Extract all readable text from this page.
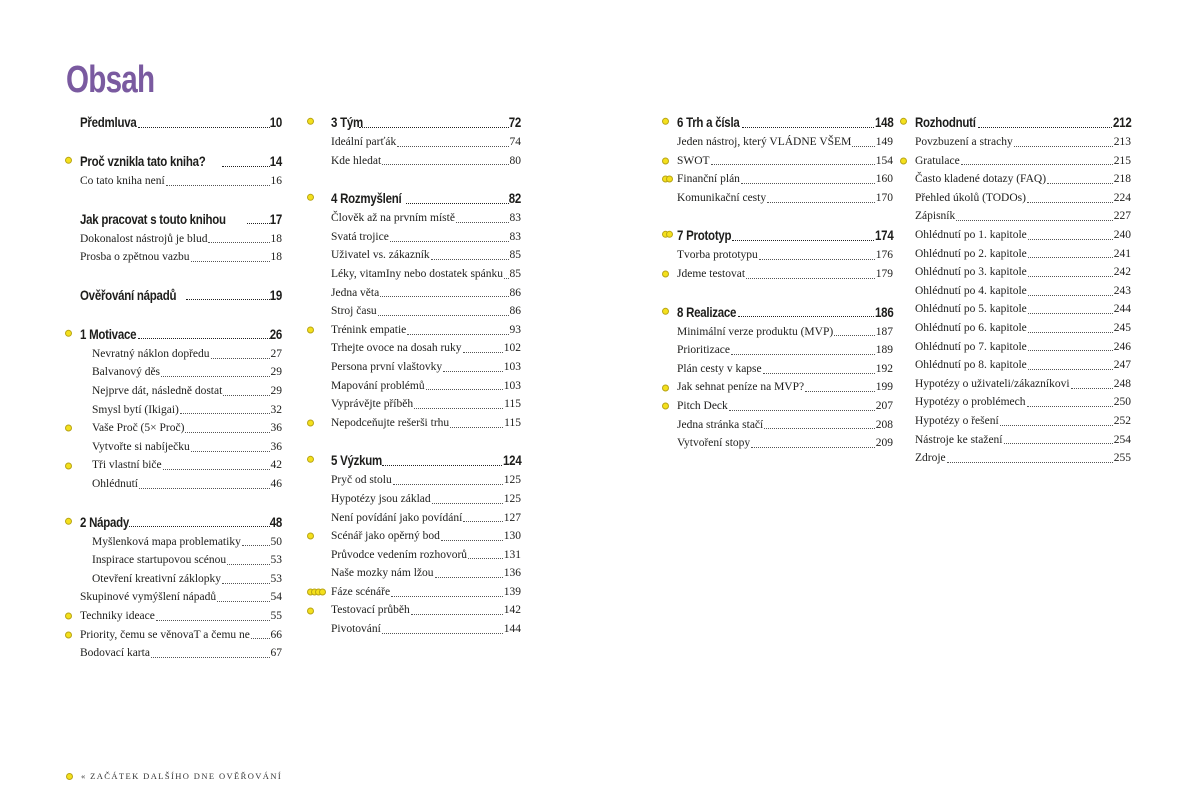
Obsah
Předmluva	10
Proč vznikla tato kniha?	14
Co tato kniha není	16
Jak pracovat s touto knihou	17
Dokonalost nástrojů je blud	18
Prosba o zpětnou vazbu	18
Ověřování nápadů	19
1 Motivace	26
Nevratný náklon dopředu	27
Balvanový děs	29
Nejprve dát, následně dostat	29
Smysl bytí (Ikigai)	32
Vaše Proč (5× Proč)	36
Vytvořte si nabíječku	36
Tři vlastní biče	42
Ohlédnutí	46
2 Nápady	48
Myšlenková mapa problematiky	50
Inspirace startupovou scénou	53
Otevření kreativní záklopky	53
Skupinové vymýšlení nápadů	54
Techniky ideace	55
Priority, čemu se věnovaT a čemu ne 66
Bodovací karta	67
3 Tým	72
Ideální parťák	74
Kde hledat	80
4 Rozmyšlení	82
Člověk až na prvním místě	83
Svatá trojice	83
Uživatel vs. zákazník	85
Léky, vitamIny nebo dostatek spánku 85
Jedna věta	86
Stroj času	86
Trénink empatie	93
Trhejte ovoce na dosah ruky	102
Persona první vlaštovky	103
Mapování problémů	103
Vyprávějte příběh	115
Nepodceňujte rešerši trhu	115
5 Výzkum	124
Pryč od stolu	125
Hypotézy jsou základ	125
Není povídání jako povídání	127
Scénář jako opěrný bod	130
Průvodce vedením rozhovorů	131
Naše mozky nám lžou	136
Fáze scénáře	139
Testovací průběh	142
Pivotování	144
6 Trh a čísla	148
Jeden nástroj, který VLÁDNE VŠEM 149
SWOT	154
Finanční plán	160
Komunikační cesty	170
7 Prototyp	174
Tvorba prototypu	176
Jdeme testovat	179
8 Realizace	186
Minimální verze produktu (MVP)	187
Prioritizace	189
Plán cesty v kapse	192
Jak sehnat peníze na MVP?	199
Pitch Deck	207
Jedna stránka stačí	208
Vytvoření stopy	209
Rozhodnutí	212
Povzbuzení a strachy	213
Gratulace	215
Často kladené dotazy (FAQ)	218
Přehled úkolů (TODOs)	224
Zápisník	227
Ohlédnutí po 1. kapitole	240
Ohlédnutí po 2. kapitole	241
Ohlédnutí po 3. kapitole	242
Ohlédnutí po 4. kapitole	243
Ohlédnutí po 5. kapitole	244
Ohlédnutí po 6. kapitole	245
Ohlédnutí po 7. kapitole	246
Ohlédnutí po 8. kapitole	247
Hypotézy o uživateli/zákazníkovi	248
Hypotézy o problémech	250
Hypotézy o řešení	252
Nástroje ke stažení	254
Zdroje	255
« ZAČÁTEK DALŠÍHO DNE OVĚŘOVÁNÍ
